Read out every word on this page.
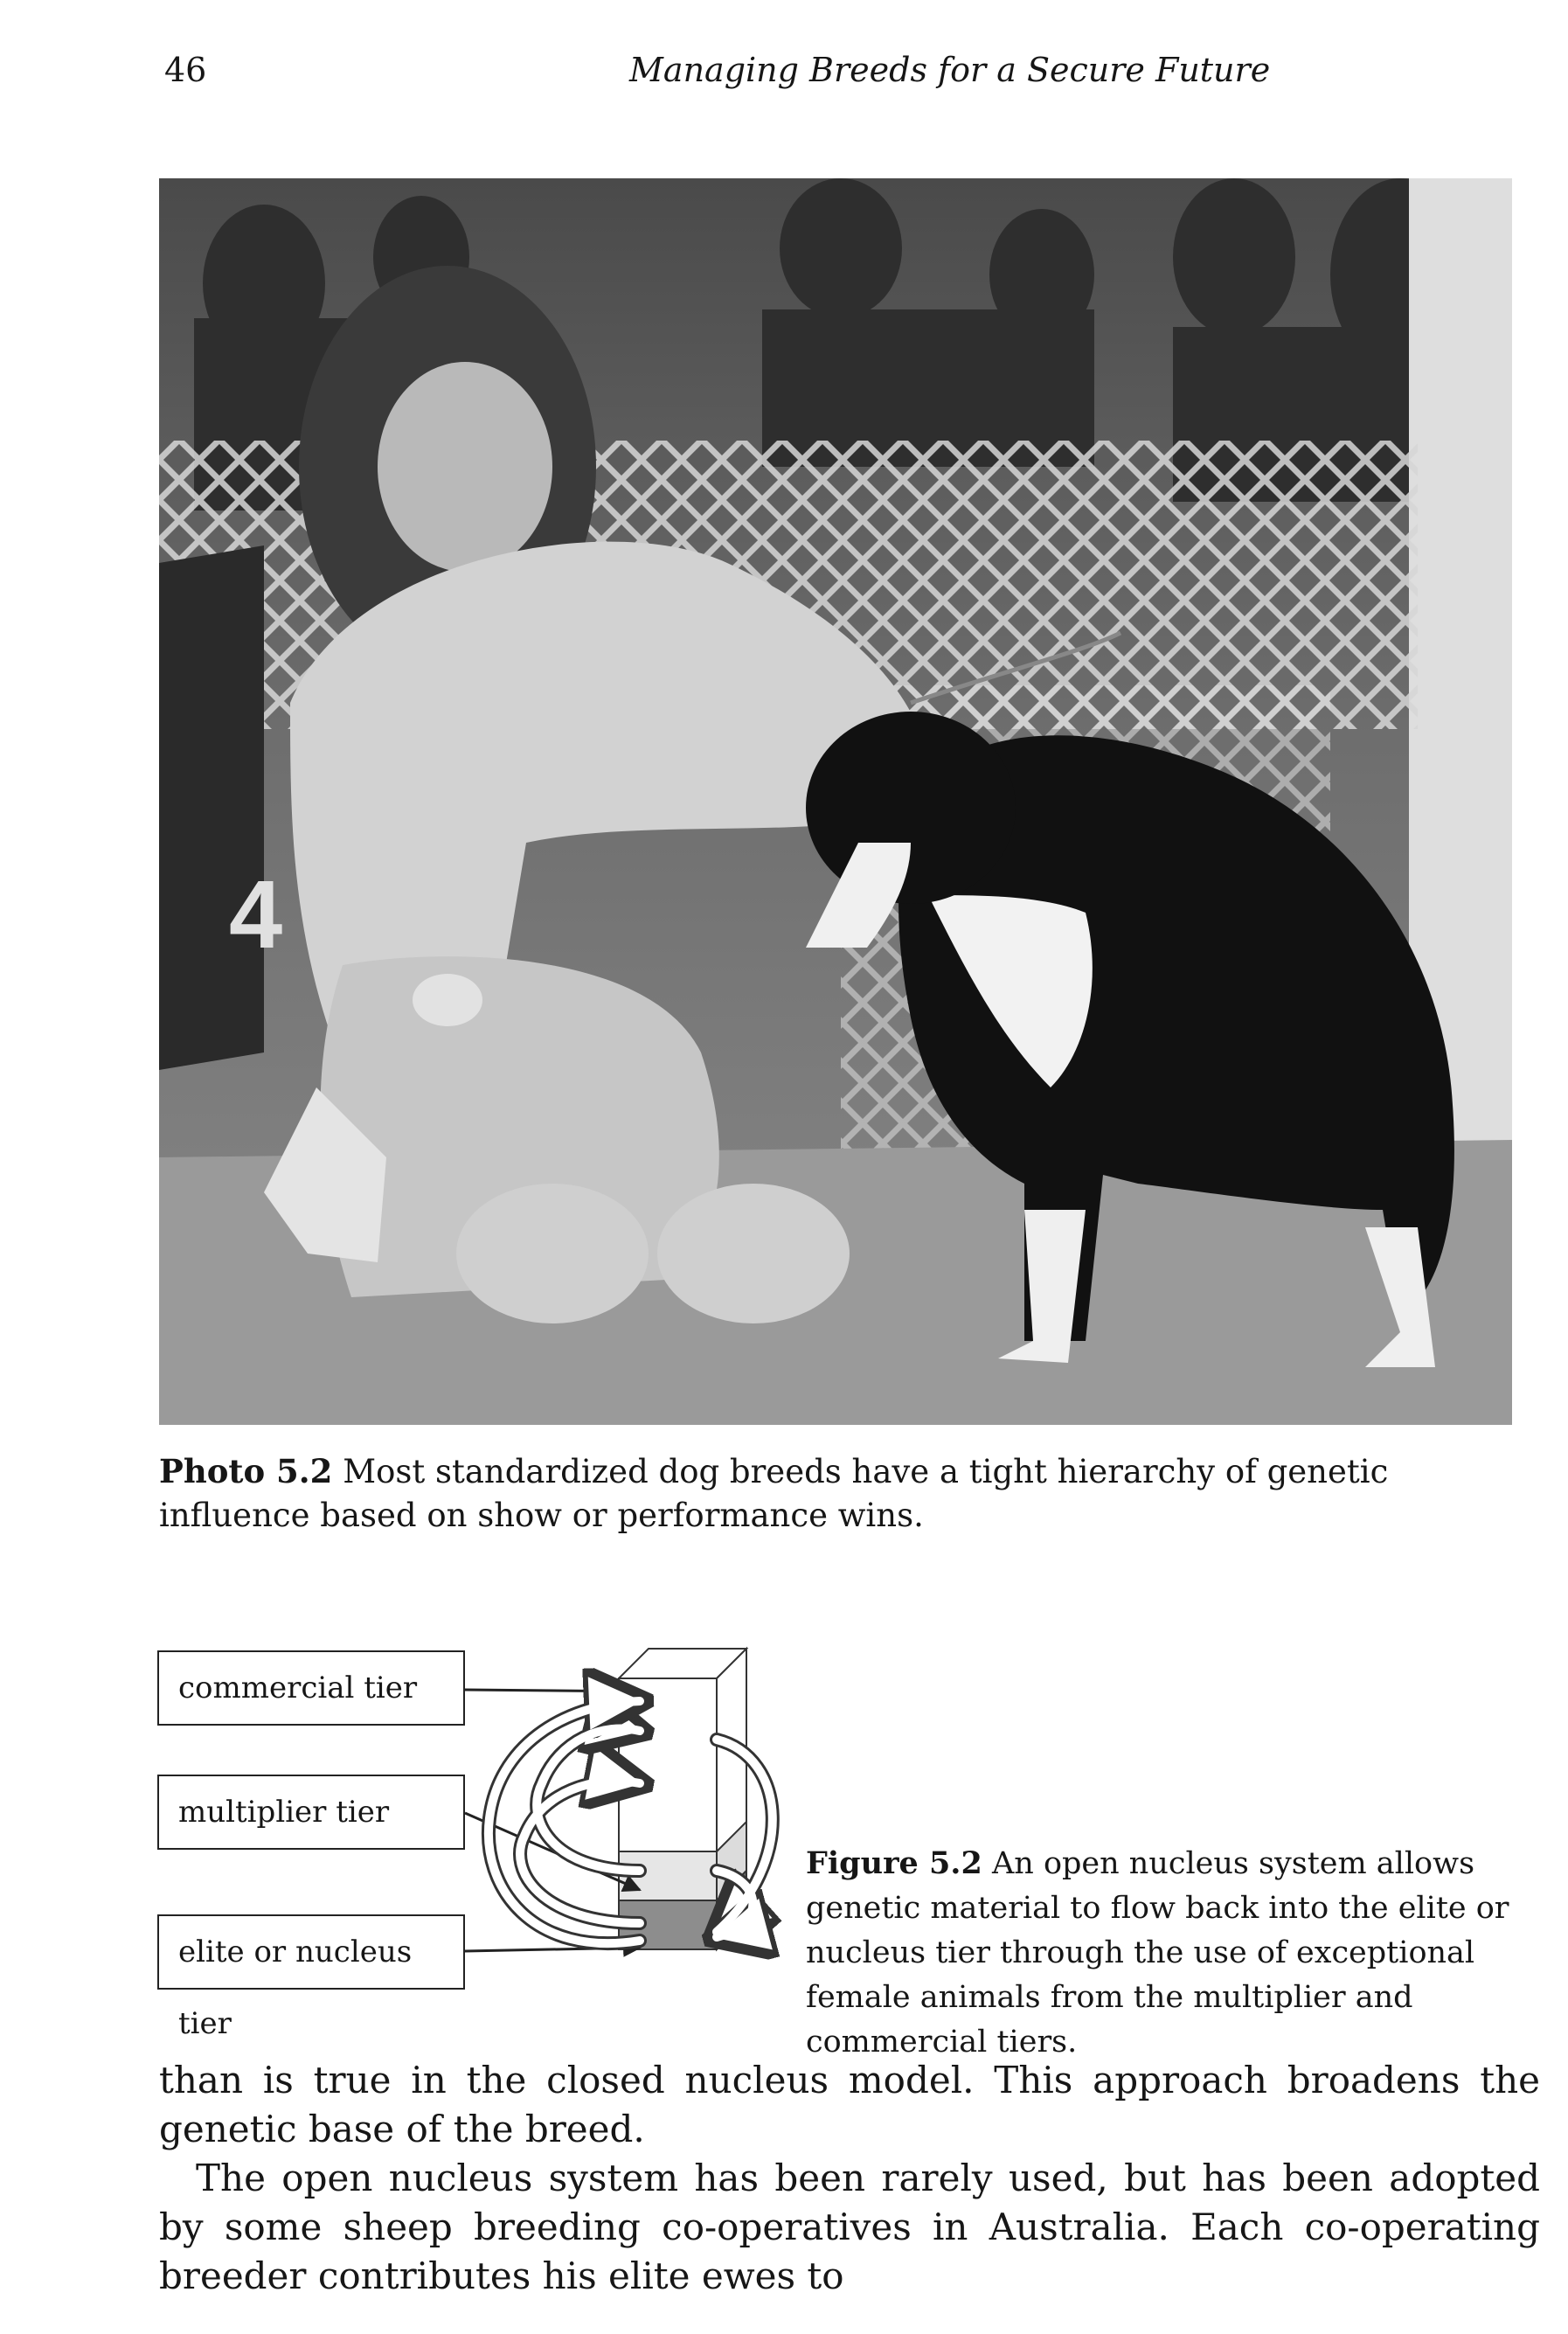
46	Managing Breeds for a Secure Future
4
Photo 5.2 Most standardized dog breeds have a tight hierarchy of genetic influence based on show or performance wins.
commercial tier
multiplier tier
elite or nucleus tier
Figure 5.2 An open nucleus system allows genetic material to flow back into the elite or nucleus tier through the use of exceptional female animals from the multiplier and commercial tiers.

than is true in the closed nucleus model. This approach broadens the genetic base of the breed.

The open nucleus system has been rarely used, but has been adopted by some sheep breeding co-operatives in Australia. Each co-operating breeder contributes his elite ewes to
